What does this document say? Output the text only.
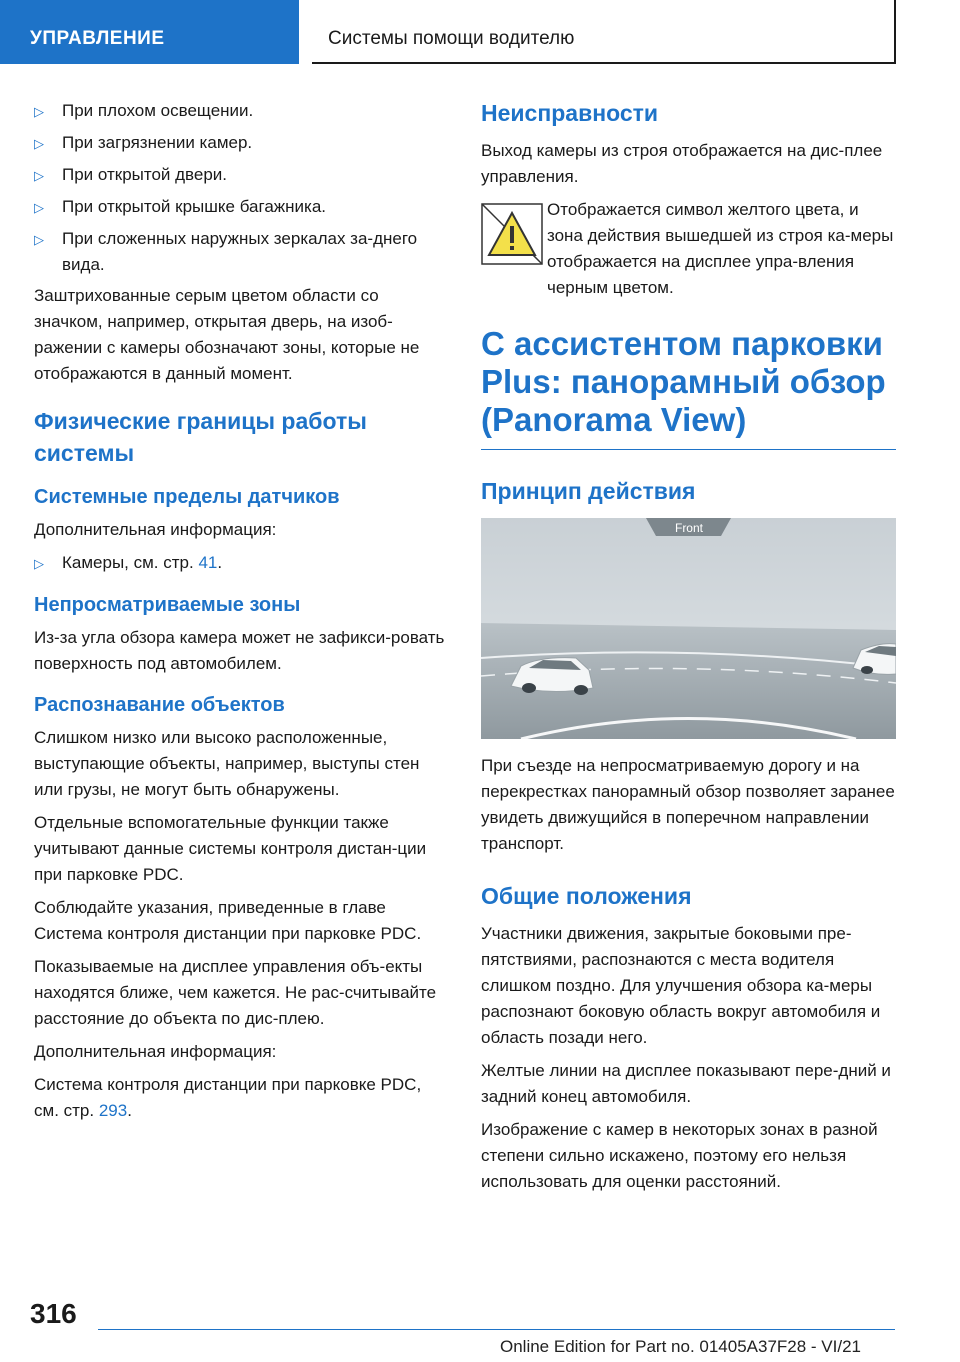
УПРАВЛЕНИЕ	Системы помощи водителю
▷	При плохом освещении.
▷	При загрязнении камер.
▷	При открытой двери.
▷	При открытой крышке багажника.
▷	При сложенных наружных зеркалах за-днего вида.

Заштрихованные серым цветом области со значком, например, открытая дверь, на изоб-ражении с камеры обозначают зоны, которые не отображаются в данный момент.

Физические границы работы системы
Системные пределы датчиков

Дополнительная информация:

▷	Камеры, см. стр. 41.
Непросматриваемые зоны

Из-за угла обзора камера может не зафикси-ровать поверхность под автомобилем.

Распознавание объектов

Слишком низко или высоко расположенные, выступающие объекты, например, выступы стен или грузы, не могут быть обнаружены.

Отдельные вспомогательные функции также учитывают данные системы контроля дистан-ции при парковке PDC.

Соблюдайте указания, приведенные в главе Система контроля дистанции при парковке PDC.

Показываемые на дисплее управления объ-екты находятся ближе, чем кажется. Не рас-считывайте расстояние до объекта по дис-плею.

Дополнительная информация:

Система контроля дистанции при парковке PDC, см. стр. 293.

Неисправности

Выход камеры из строя отображается на дис-плее управления.

Отображается символ желтого цвета, и зона действия вышедшей из строя ка-меры отображается на дисплее упра-вления черным цветом.
С ассистентом парковки Plus: панорамный обзор (Panorama View)
Принцип действия
Front

При съезде на непросматриваемую дорогу и на перекрестках панорамный обзор позволяет заранее увидеть движущийся в поперечном направлении транспорт.

Общие положения

Участники движения, закрытые боковыми пре-пятствиями, распознаются с места водителя слишком поздно. Для улучшения обзора ка-меры распознают боковую область вокруг автомобиля и область позади него.

Желтые линии на дисплее показывают пере-дний и задний конец автомобиля.

Изображение с камер в некоторых зонах в разной степени сильно искажено, поэтому его нельзя использовать для оценки расстояний.

316
Online Edition for Part no. 01405A37F28 - VI/21
